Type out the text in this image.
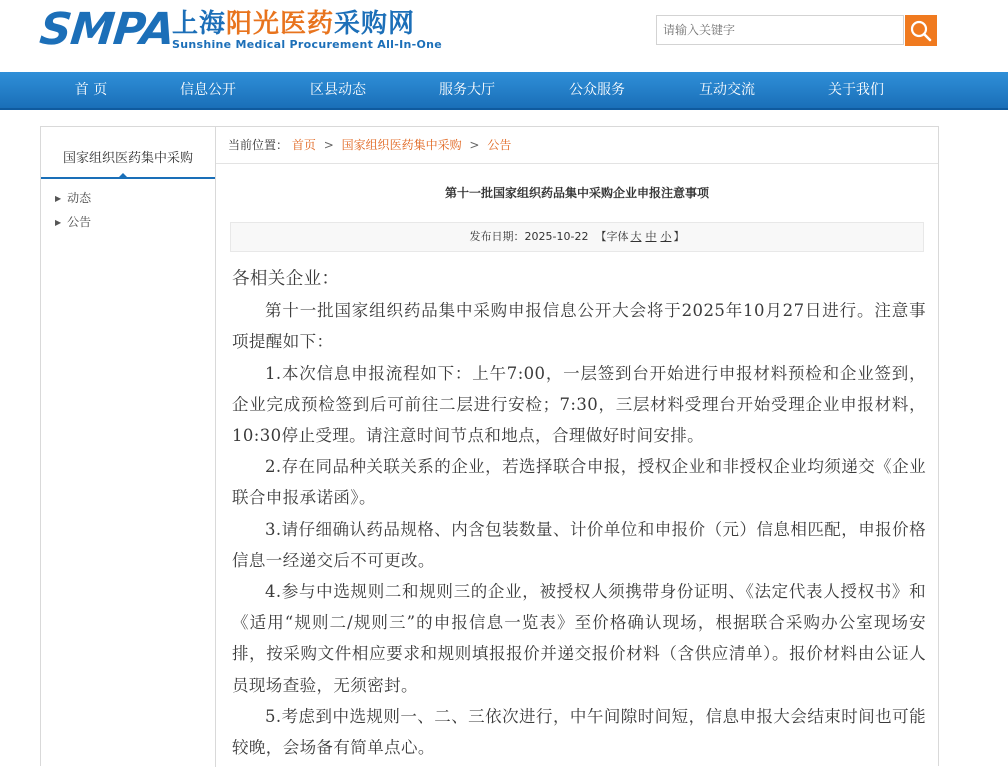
SMPA
上海阳光医药采购网
Sunshine Medical Procurement All-In-One
请输入关键字
首 页	信息公开	区县动态	服务大厅	公众服务	互动交流	关于我们
国家组织医药集中采购
▶ 动态
▶ 公告
当前位置： 首页 > 国家组织医药集中采购 > 公告
第十一批国家组织药品集中采购企业申报注意事项
发布日期：2025-10-22 【字体 大 中 小 】

各相关企业：

第十一批国家组织药品集中采购申报信息公开大会将于2025年10月27日进行。注意事项提醒如下：

1.本次信息申报流程如下：上午7:00，一层签到台开始进行申报材料预检和企业签到，企业完成预检签到后可前往二层进行安检；7:30，三层材料受理台开始受理企业申报材料，10:30停止受理。请注意时间节点和地点，合理做好时间安排。

2.存在同品种关联关系的企业，若选择联合申报，授权企业和非授权企业均须递交《企业联合申报承诺函》。

3.请仔细确认药品规格、内含包装数量、计价单位和申报价（元）信息相匹配，申报价格信息一经递交后不可更改。

4.参与中选规则二和规则三的企业，被授权人须携带身份证明、《法定代表人授权书》和《适用“规则二/规则三”的申报信息一览表》至价格确认现场，根据联合采购办公室现场安排，按采购文件相应要求和规则填报报价并递交报价材料（含供应清单）。报价材料由公证人员现场查验，无须密封。

5.考虑到中选规则一、二、三依次进行，中午间隙时间短，信息申报大会结束时间也可能较晚，会场备有简单点心。
